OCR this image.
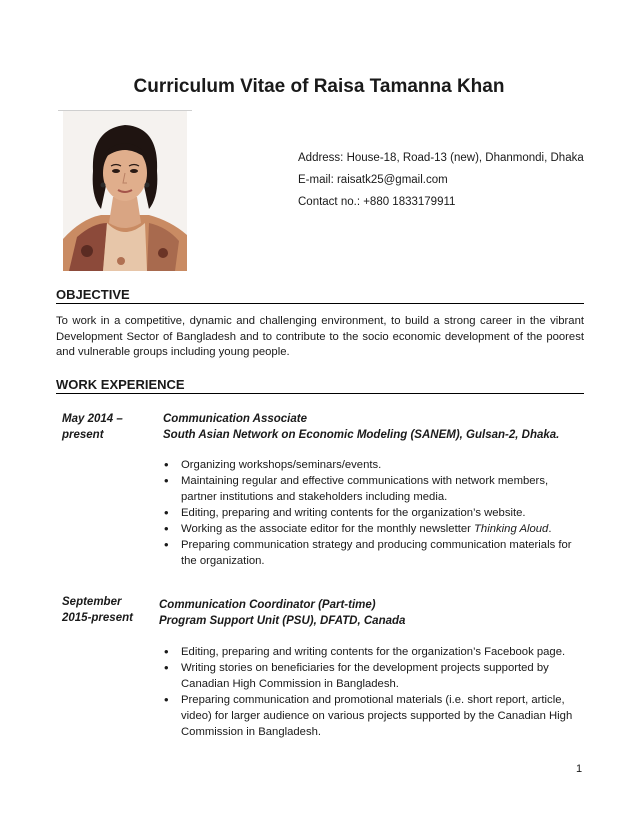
Curriculum Vitae of Raisa Tamanna Khan
Address: House-18, Road-13 (new), Dhanmondi, Dhaka
E-mail: raisatk25@gmail.com
Contact no.: +880 1833179911
OBJECTIVE
To work in a competitive, dynamic and challenging environment, to build a strong career in the vibrant Development Sector of Bangladesh and to contribute to the socio economic development of the poorest and vulnerable groups including young people.
WORK EXPERIENCE
May 2014 –
present
Communication Associate
South Asian Network on Economic Modeling (SANEM), Gulsan-2, Dhaka.
• Organizing workshops/seminars/events.
• Maintaining regular and effective communications with network members, partner institutions and stakeholders including media.
• Editing, preparing and writing contents for the organization’s website.
• Working as the associate editor for the monthly newsletter Thinking Aloud.
• Preparing communication strategy and producing communication materials for the organization.
September
2015-present
Communication Coordinator (Part-time)
Program Support Unit (PSU), DFATD, Canada
• Editing, preparing and writing contents for the organization’s Facebook page.
• Writing stories on beneficiaries for the development projects supported by Canadian High Commission in Bangladesh.
• Preparing communication and promotional materials (i.e. short report, article, video) for larger audience on various projects supported by the Canadian High Commission in Bangladesh.
1
